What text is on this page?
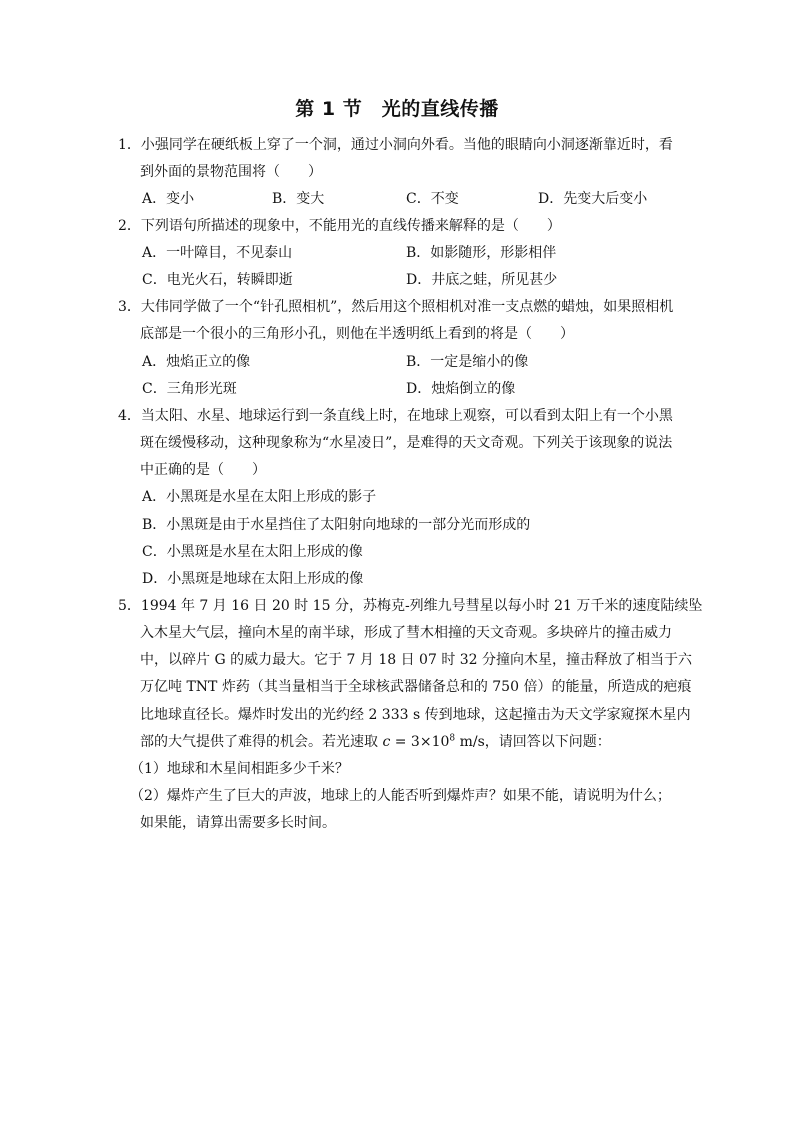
第 1 节　光的直线传播
1．小强同学在硬纸板上穿了一个洞，通过小洞向外看。当他的眼睛向小洞逐渐靠近时，看
到外面的景物范围将（　　）
A．变小	B．变大	C．不变	D．先变大后变小
2．下列语句所描述的现象中，不能用光的直线传播来解释的是（　　）
A．一叶障目，不见泰山	B．如影随形，形影相伴
C．电光火石，转瞬即逝	D．井底之蛙，所见甚少
3．大伟同学做了一个“针孔照相机”，然后用这个照相机对准一支点燃的蜡烛，如果照相机
底部是一个很小的三角形小孔，则他在半透明纸上看到的将是（　　）
A．烛焰正立的像	B．一定是缩小的像
C．三角形光斑	D．烛焰倒立的像
4．当太阳、水星、地球运行到一条直线上时，在地球上观察，可以看到太阳上有一个小黑
斑在缓慢移动，这种现象称为“水星凌日”，是难得的天文奇观。下列关于该现象的说法
中正确的是（　　）
A．小黑斑是水星在太阳上形成的影子
B．小黑斑是由于水星挡住了太阳射向地球的一部分光而形成的
C．小黑斑是水星在太阳上形成的像
D．小黑斑是地球在太阳上形成的像
5．1994 年 7 月 16 日 20 时 15 分，苏梅克-列维九号彗星以每小时 21 万千米的速度陆续坠
入木星大气层，撞向木星的南半球，形成了彗木相撞的天文奇观。多块碎片的撞击威力
中，以碎片 G 的威力最大。它于 7 月 18 日 07 时 32 分撞向木星，撞击释放了相当于六
万亿吨 TNT 炸药（其当量相当于全球核武器储备总和的 750 倍）的能量，所造成的疤痕
比地球直径长。爆炸时发出的光约经 2 333 s 传到地球，这起撞击为天文学家窥探木星内
部的大气提供了难得的机会。若光速取 $c = 3\times 10^8$ m/s，请回答以下问题：
（1）地球和木星间相距多少千米？
（2）爆炸产生了巨大的声波，地球上的人能否听到爆炸声？如果不能，请说明为什么；
如果能，请算出需要多长时间。
